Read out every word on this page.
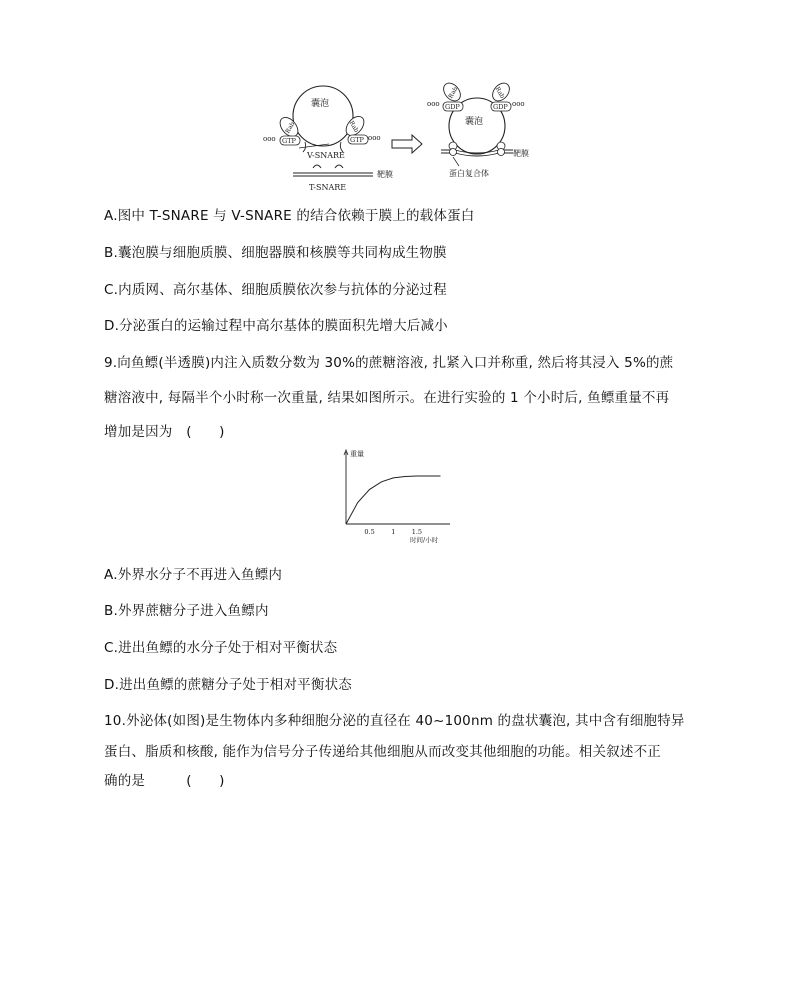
囊泡
Rab
GTP
ooo
Rab
GTP ooo
V-SNARE
靶膜
T-SNARE
囊泡
Rab
GDP
ooo
Rab
GDP ooo
靶膜
蛋白复合体
A.图中 T-SNARE 与 V-SNARE 的结合依赖于膜上的载体蛋白
B.囊泡膜与细胞质膜、细胞器膜和核膜等共同构成生物膜
C.内质网、高尔基体、细胞质膜依次参与抗体的分泌过程
D.分泌蛋白的运输过程中高尔基体的膜面积先增大后减小
9.向鱼鳔(半透膜)内注入质数分数为 30%的蔗糖溶液, 扎紧入口并称重, 然后将其浸入 5%的蔗
糖溶液中, 每隔半个小时称一次重量, 结果如图所示。在进行实验的 1 个小时后, 鱼鳔重量不再
增加是因为　(　　)
重量
时间/小时
0.5	1	1.5
A.外界水分子不再进入鱼鳔内
B.外界蔗糖分子进入鱼鳔内
C.进出鱼鳔的水分子处于相对平衡状态
D.进出鱼鳔的蔗糖分子处于相对平衡状态
10.外泌体(如图)是生物体内多种细胞分泌的直径在 40~100nm 的盘状囊泡, 其中含有细胞特异
蛋白、脂质和核酸, 能作为信号分子传递给其他细胞从而改变其他细胞的功能。相关叙述不正
确的是　　　(　　)
